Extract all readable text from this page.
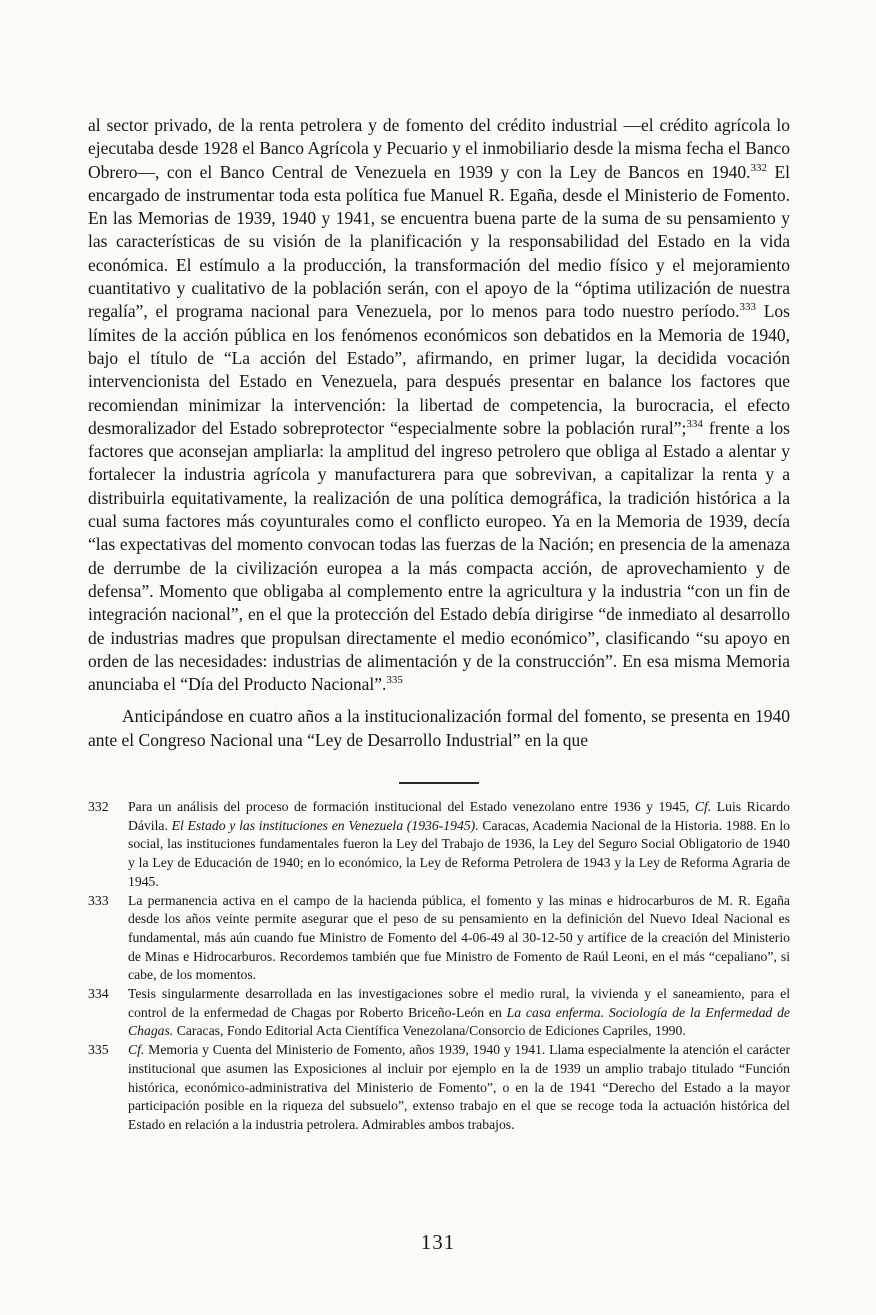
al sector privado, de la renta petrolera y de fomento del crédito industrial —el crédito agrícola lo ejecutaba desde 1928 el Banco Agrícola y Pecuario y el inmobiliario desde la misma fecha el Banco Obrero—, con el Banco Central de Venezuela en 1939 y con la Ley de Bancos en 1940.$^{332}$ El encargado de instrumentar toda esta política fue Manuel R. Egaña, desde el Ministerio de Fomento. En las Memorias de 1939, 1940 y 1941, se encuentra buena parte de la suma de su pensamiento y las características de su visión de la planificación y la responsabilidad del Estado en la vida económica. El estímulo a la producción, la transformación del medio físico y el mejoramiento cuantitativo y cualitativo de la población serán, con el apoyo de la “óptima utilización de nuestra regalía”, el programa nacional para Venezuela, por lo menos para todo nuestro período.$^{333}$ Los límites de la acción pública en los fenómenos económicos son debatidos en la Memoria de 1940, bajo el título de “La acción del Estado”, afirmando, en primer lugar, la decidida vocación intervencionista del Estado en Venezuela, para después presentar en balance los factores que recomiendan minimizar la intervención: la libertad de competencia, la burocracia, el efecto desmoralizador del Estado sobreprotector “especialmente sobre la población rural”;$^{334}$ frente a los factores que aconsejan ampliarla: la amplitud del ingreso petrolero que obliga al Estado a alentar y fortalecer la industria agrícola y manufacturera para que sobrevivan, a capitalizar la renta y a distribuirla equitativamente, la realización de una política demográfica, la tradición histórica a la cual suma factores más coyunturales como el conflicto europeo. Ya en la Memoria de 1939, decía “las expectativas del momento convocan todas las fuerzas de la Nación; en presencia de la amenaza de derrumbe de la civilización europea a la más compacta acción, de aprovechamiento y de defensa”. Momento que obligaba al complemento entre la agricultura y la industria “con un fin de integración nacional”, en el que la protección del Estado debía dirigirse “de inmediato al desarrollo de industrias madres que propulsan directamente el medio económico”, clasificando “su apoyo en orden de las necesidades: industrias de alimentación y de la construcción”. En esa misma Memoria anunciaba el “Día del Producto Nacional”.$^{335}$

Anticipándose en cuatro años a la institucionalización formal del fomento, se presenta en 1940 ante el Congreso Nacional una “Ley de Desarrollo Industrial” en la que

332	Para un análisis del proceso de formación institucional del Estado venezolano entre 1936 y 1945, Cf. Luis Ricardo Dávila. El Estado y las instituciones en Venezuela (1936-1945). Caracas, Academia Nacional de la Historia. 1988. En lo social, las instituciones fundamentales fueron la Ley del Trabajo de 1936, la Ley del Seguro Social Obligatorio de 1940 y la Ley de Educación de 1940; en lo económico, la Ley de Reforma Petrolera de 1943 y la Ley de Reforma Agraria de 1945.
333	La permanencia activa en el campo de la hacienda pública, el fomento y las minas e hidrocarburos de M. R. Egaña desde los años veinte permite asegurar que el peso de su pensamiento en la definición del Nuevo Ideal Nacional es fundamental, más aún cuando fue Ministro de Fomento del 4-06-49 al 30-12-50 y artífice de la creación del Ministerio de Minas e Hidrocarburos. Recordemos también que fue Ministro de Fomento de Raúl Leoni, en el más “cepaliano”, si cabe, de los momentos.
334	Tesis singularmente desarrollada en las investigaciones sobre el medio rural, la vivienda y el saneamiento, para el control de la enfermedad de Chagas por Roberto Briceño-León en La casa enferma. Sociología de la Enfermedad de Chagas. Caracas, Fondo Editorial Acta Científica Venezolana/Consorcio de Ediciones Capriles, 1990.
335	Cf. Memoria y Cuenta del Ministerio de Fomento, años 1939, 1940 y 1941. Llama especialmente la atención el carácter institucional que asumen las Exposiciones al incluir por ejemplo en la de 1939 un amplio trabajo titulado “Función histórica, económico-administrativa del Ministerio de Fomento”, o en la de 1941 “Derecho del Estado a la mayor participación posible en la riqueza del subsuelo”, extenso trabajo en el que se recoge toda la actuación histórica del Estado en relación a la industria petrolera. Admirables ambos trabajos.
131
